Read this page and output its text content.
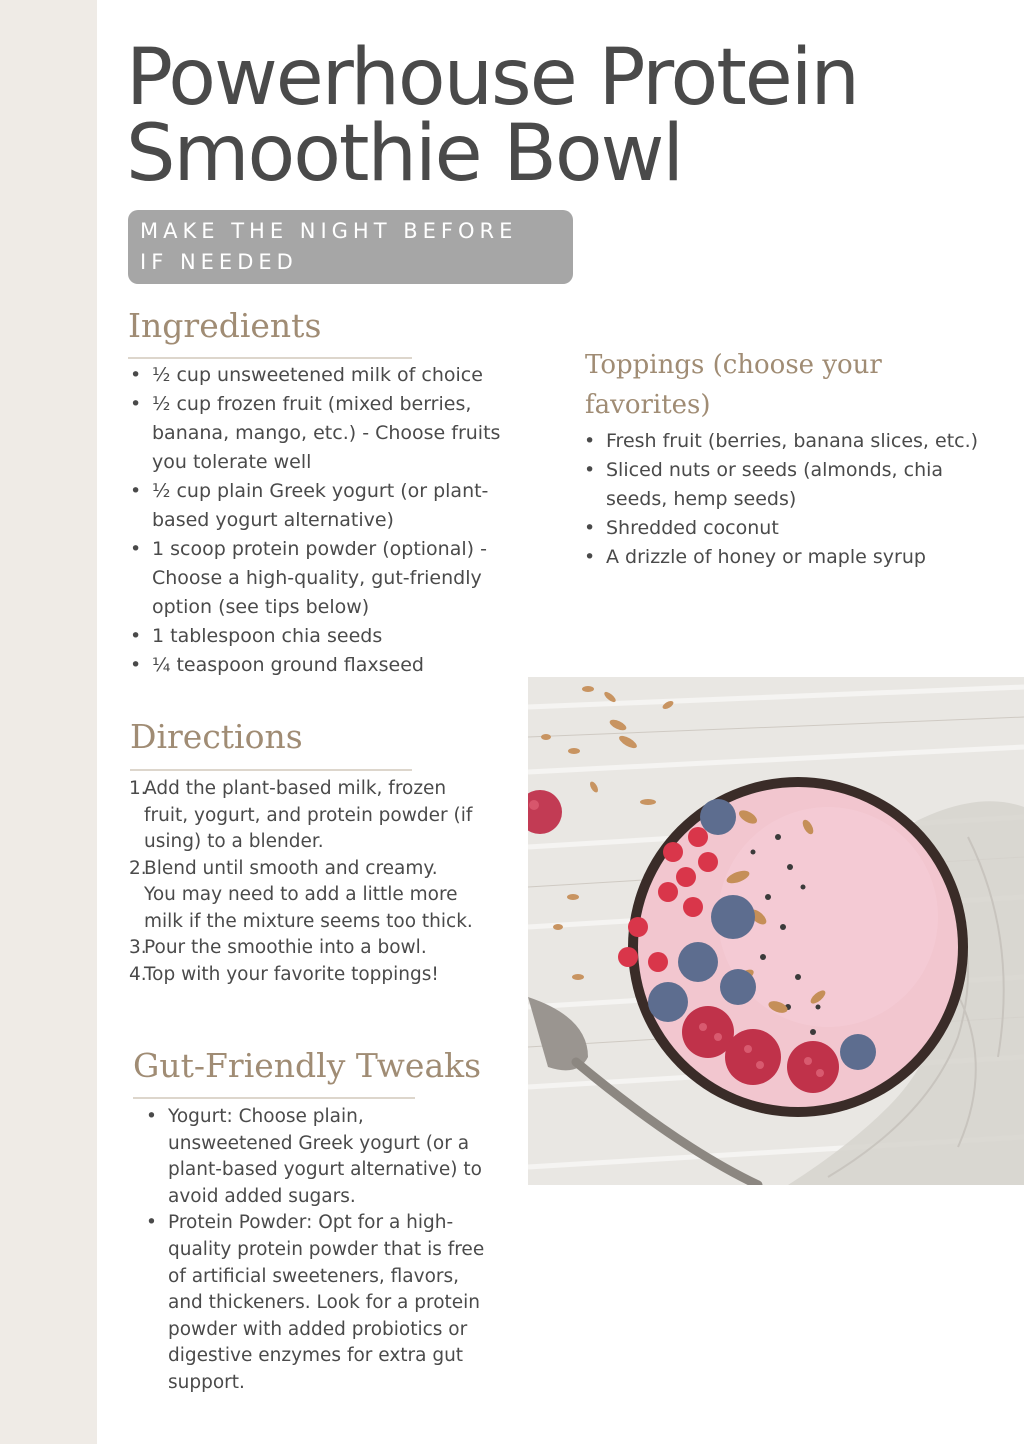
Powerhouse Protein
Smoothie Bowl
MAKE THE NIGHT BEFORE
IF NEEDED
Ingredients
• ½ cup unsweetened milk of choice
• ½ cup frozen fruit (mixed berries, banana, mango, etc.) - Choose fruits you tolerate well
• ½ cup plain Greek yogurt (or plant-based yogurt alternative)
• 1 scoop protein powder (optional) - Choose a high-quality, gut-friendly option (see tips below)
• 1 tablespoon chia seeds
• ¼ teaspoon ground flaxseed
Toppings (choose your
favorites)
• Fresh fruit (berries, banana slices, etc.)
• Sliced nuts or seeds (almonds, chia seeds, hemp seeds)
• Shredded coconut
• A drizzle of honey or maple syrup
Directions
1.
Add the plant-based milk, frozen fruit, yogurt, and protein powder (if using) to a blender.
2.
Blend until smooth and creamy. You may need to add a little more milk if the mixture seems too thick.
3.
Pour the smoothie into a bowl.
4.
Top with your favorite toppings!
Gut-Friendly Tweaks
• Yogurt: Choose plain, unsweetened Greek yogurt (or a plant-based yogurt alternative) to avoid added sugars.
• Protein Powder: Opt for a high-quality protein powder that is free of artificial sweeteners, flavors, and thickeners. Look for a protein powder with added probiotics or digestive enzymes for extra gut support.
